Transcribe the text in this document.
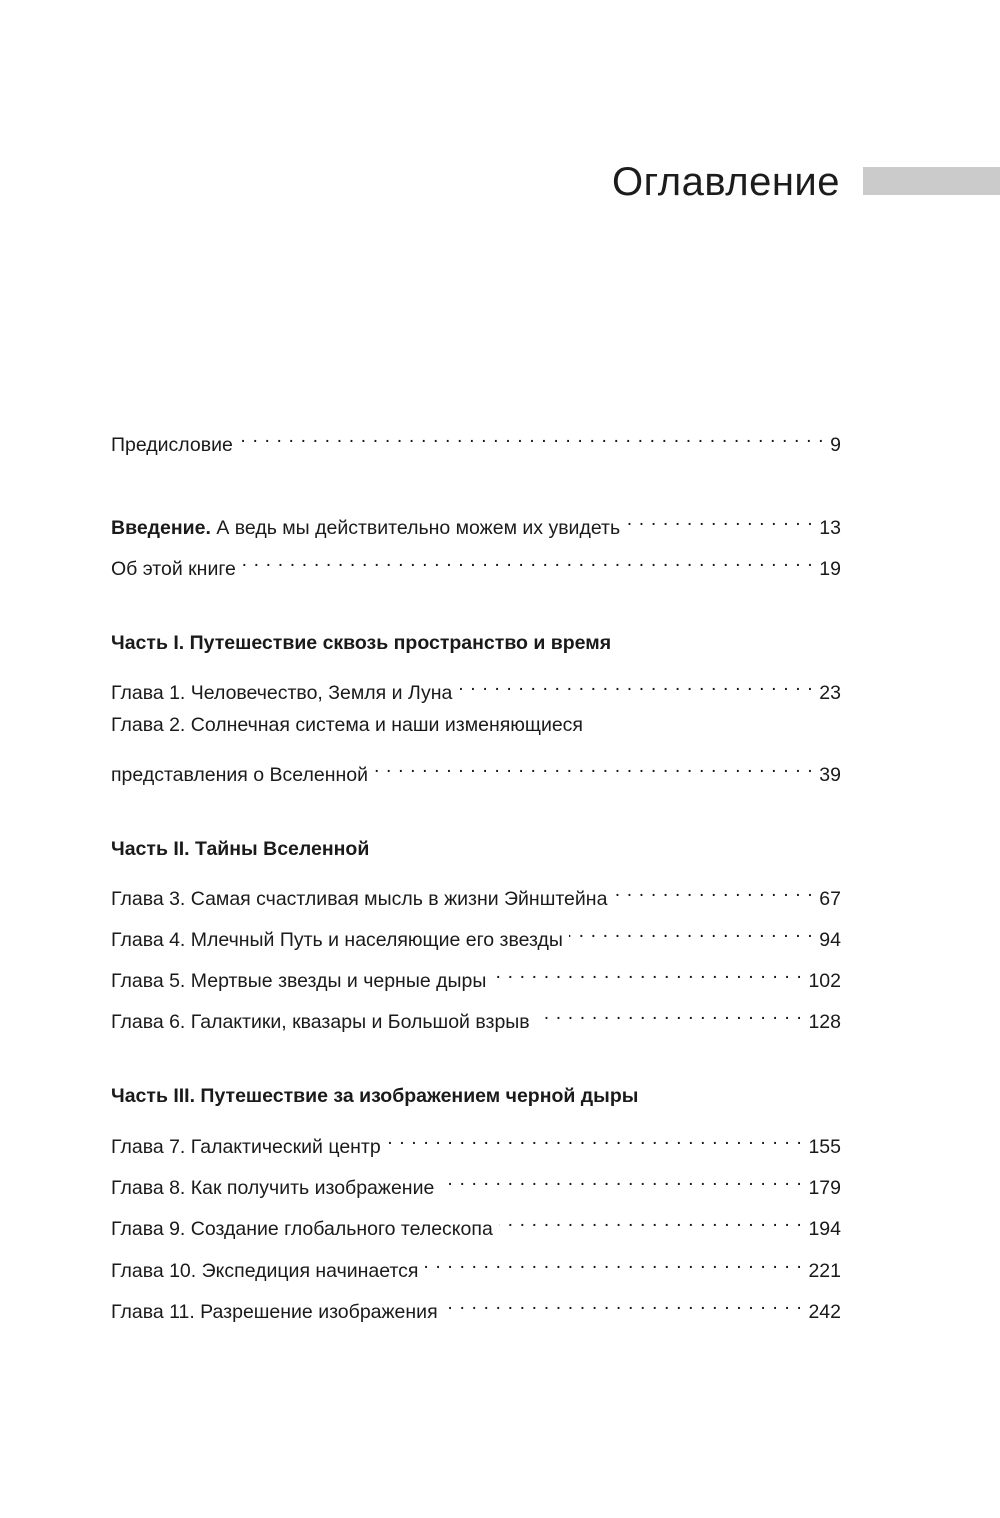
Оглавление
Предисловие . . .	9
Введение. А ведь мы действительно можем их увидеть . . .	13
Об этой книге . . .	19
Часть I. Путешествие сквозь пространство и время
Глава 1. Человечество, Земля и Луна . . .	23
Глава 2. Солнечная система и наши изменяющиеся
представления о Вселенной . . .	39
Часть II. Тайны Вселенной
Глава 3. Самая счастливая мысль в жизни Эйнштейна . . .	67
Глава 4. Млечный Путь и населяющие его звезды . . .	94
Глава 5. Мертвые звезды и черные дыры . . .	102
Глава 6. Галактики, квазары и Большой взрыв . . .	128
Часть III. Путешествие за изображением черной дыры
Глава 7. Галактический центр . . .	155
Глава 8. Как получить изображение . . .	179
Глава 9. Создание глобального телескопа . . .	194
Глава 10. Экспедиция начинается . . .	221
Глава 11. Разрешение изображения . . .	242
